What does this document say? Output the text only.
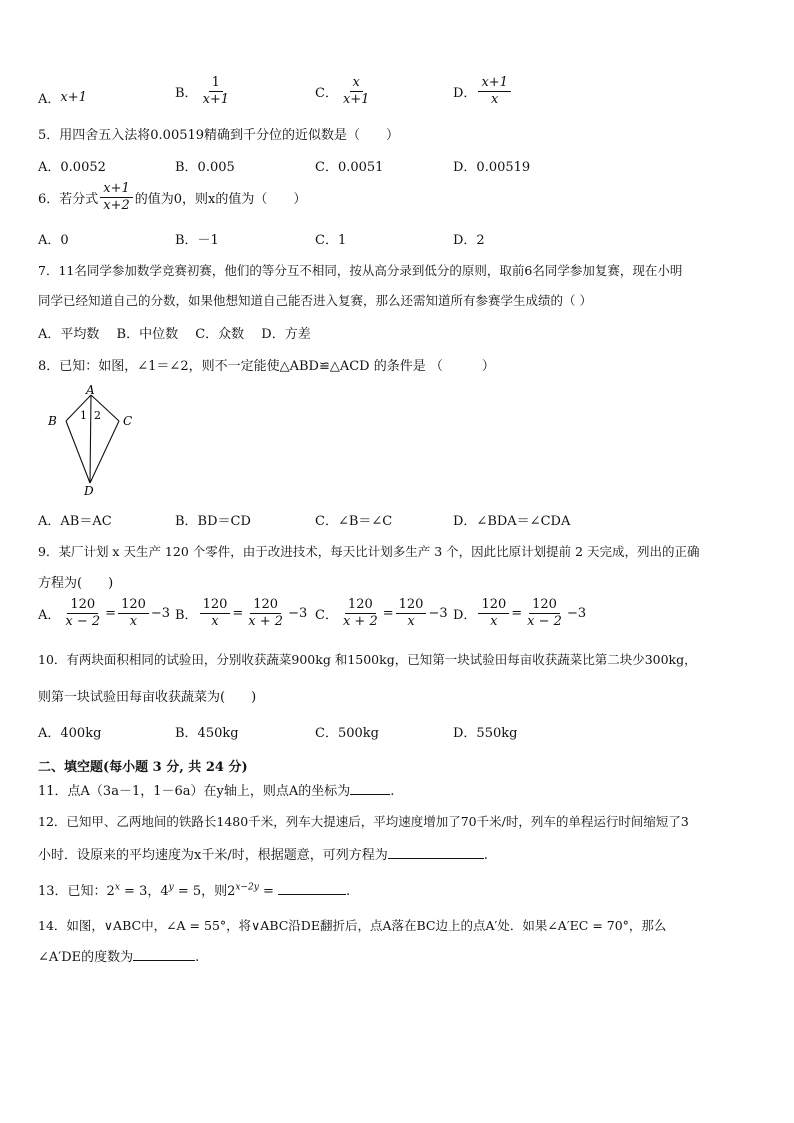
A． x+1	B． $\frac{1}{x+1}$	C． $\frac{x}{x+1}$	D． $\frac{x+1}{x}$
5．用四舍五入法将0.00519精确到千分位的近似数是（　　）
A．0.0052	B．0.005	C．0.0051	D．0.00519
6．若分式 $\frac{x+1}{x+2}$ 的值为0，则x的值为（　　）
A．0	B．－1	C．1	D．2
7．11名同学参加数学竞赛初赛，他们的等分互不相同，按从高分录到低分的原则，取前6名同学参加复赛，现在小明
同学已经知道自己的分数，如果他想知道自己能否进入复赛，那么还需知道所有参赛学生成绩的（ ）
A．平均数　 B．中位数　 C．众数　 D．方差
8．已知：如图，∠1＝∠2，则不一定能使△ABD≌△ACD 的条件是 （　　　）
A
B	C
D
1 2
A．AB＝AC	B．BD＝CD	C．∠B＝∠C	D．∠BDA＝∠CDA
9．某厂计划 x 天生产 120 个零件，由于改进技术，每天比计划多生产 3 个，因此比原计划提前 2 天完成，列出的正确
方程为(　　)
A． $\frac{120}{x - 2} = \frac{120}{x} -3$ B． $\frac{120}{x} = \frac{120}{x + 2} -3$ C． $\frac{120}{x + 2} = \frac{120}{x} -3$ D． $\frac{120}{x} = \frac{120}{x - 2} -3$
10．有两块面积相同的试验田，分别收获蔬菜900kg 和1500kg，已知第一块试验田每亩收获蔬菜比第二块少300kg，
则第一块试验田每亩收获蔬菜为(　　)
A．400kg	B．450kg	C．500kg	D．550kg
二、填空题(每小题 3 分, 共 24 分)
11．点A（3a－1，1－6a）在y轴上，则点A的坐标为	.
12．已知甲、乙两地间的铁路长1480千米，列车大提速后，平均速度增加了70千米/时，列车的单程运行时间缩短了3
小时．设原来的平均速度为x千米/时，根据题意，可列方程为	.
13．已知：$2^x = 3$，$4^y = 5$，则$2^{x-2y}$ =	.
14．如图，∨ABC中，∠A = 55°，将∨ABC沿DE翻折后，点A落在BC边上的点A′处．如果∠A′EC = 70°，那么
∠A′DE的度数为	.
